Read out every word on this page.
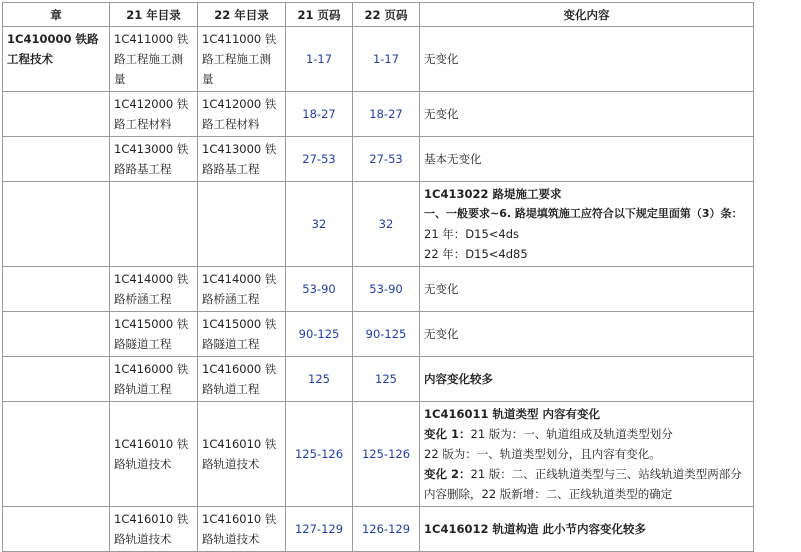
章	21 年目录	22 年目录	21 页码	22 页码	变化内容
1C410000 铁路工程技术	1C411000 铁路工程施工测量	1C411000 铁路工程施工测量	1-17	1-17	无变化
	1C412000 铁路工程材料	1C412000 铁路工程材料	18-27	18-27	无变化
	1C413000 铁路路基工程	1C413000 铁路路基工程	27-53	27-53	基本无变化
			32	32	1C413022 路堤施工要求
一、一般要求~6. 路堤填筑施工应符合以下规定里面第（3）条：
21 年：D15<4ds
22 年：D15<4d85

	1C414000 铁路桥涵工程	1C414000 铁路桥涵工程	53-90	53-90	无变化
	1C415000 铁路隧道工程	1C415000 铁路隧道工程	90-125	90-125	无变化
	1C416000 铁路轨道工程	1C416000 铁路轨道工程	125	125	内容变化较多
	1C416010 铁路轨道技术	1C416010 铁路轨道技术	125-126	125-126	1C416011 轨道类型 内容有变化
变化 1：21 版为：一、轨道组成及轨道类型划分
22 版为：一、轨道类型划分，且内容有变化。
变化 2：21 版：二、正线轨道类型与三、站线轨道类型两部分内容删除，22 版新增：二、正线轨道类型的确定

	1C416010 铁路轨道技术	1C416010 铁路轨道技术	127-129	126-129	1C416012 轨道构造 此小节内容变化较多
